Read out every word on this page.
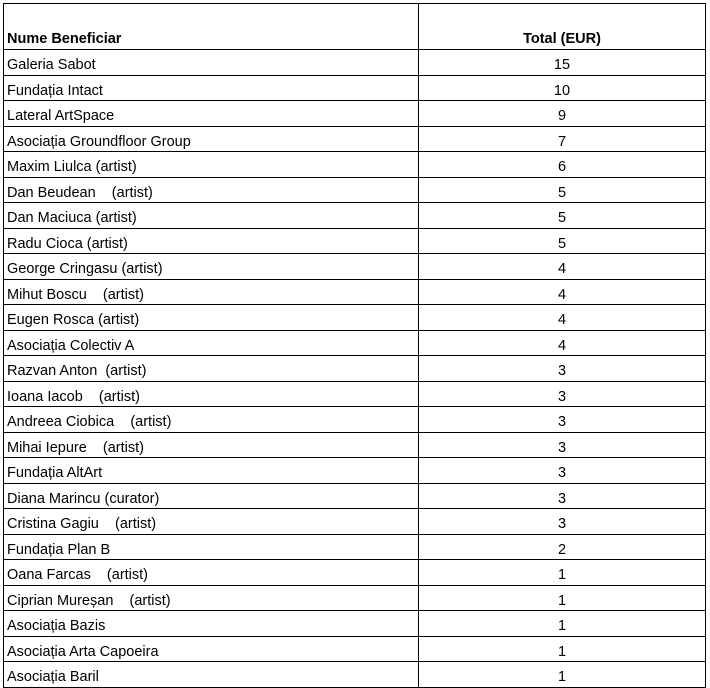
Nume Beneficiar	Total (EUR)
Galeria Sabot	15
Fundația Intact	10
Lateral ArtSpace	9
Asociația Groundfloor Group	7
Maxim Liulca (artist)	6
Dan Beudean    (artist)	5
Dan Maciuca (artist)	5
Radu Cioca (artist)	5
George Cringasu (artist)	4
Mihut Boscu    (artist)	4
Eugen Rosca (artist)	4
Asociația Colectiv A	4
Razvan Anton  (artist)	3
Ioana Iacob    (artist)	3
Andreea Ciobica    (artist)	3
Mihai Iepure    (artist)	3
Fundația AltArt	3
Diana Marincu (curator)	3
Cristina Gagiu    (artist)	3
Fundația Plan B	2
Oana Farcas    (artist)	1
Ciprian Mureșan    (artist)	1
Asociația Bazis	1
Asociația Arta Capoeira	1
Asociația Baril	1
